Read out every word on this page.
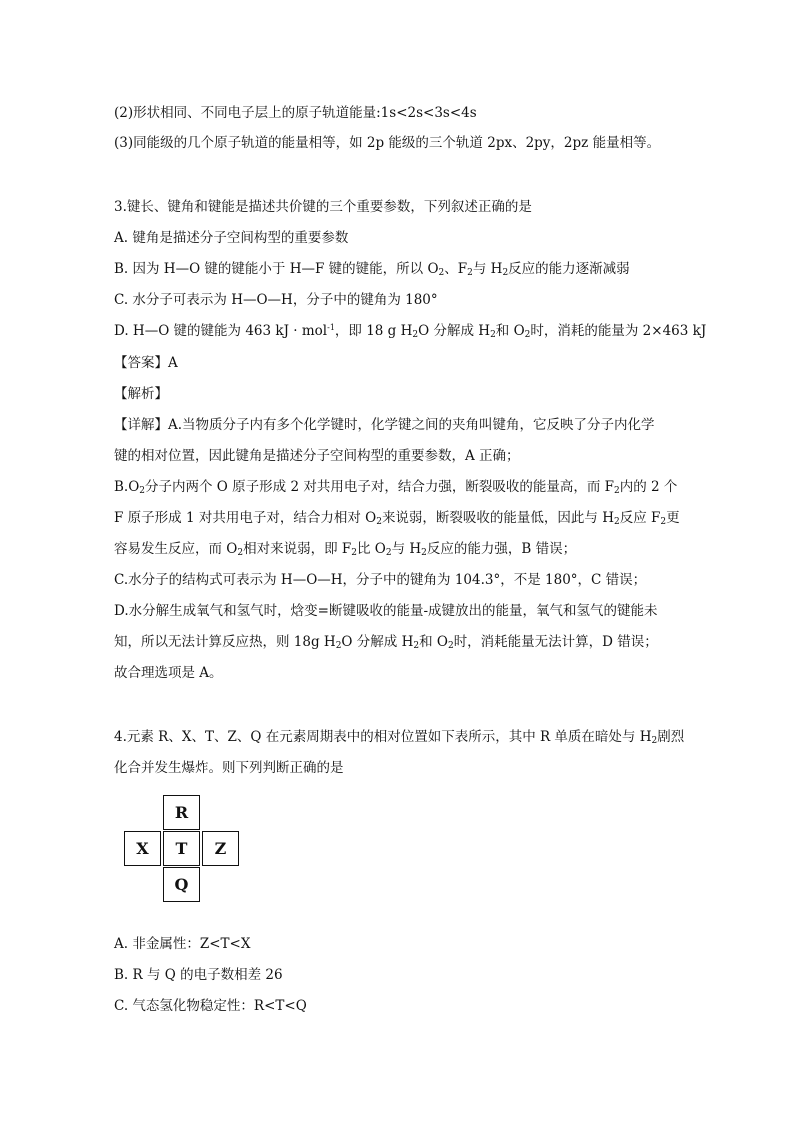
(2)形状相同、不同电子层上的原子轨道能量:1s<2s<3s<4s
(3)同能级的几个原子轨道的能量相等，如 2p 能级的三个轨道 2px、2py，2pz 能量相等。
3.键长、键角和键能是描述共价键的三个重要参数，下列叙述正确的是
A. 键角是描述分子空间构型的重要参数
B. 因为 H—O 键的键能小于 H—F 键的键能，所以 $O_2$、$F_2$与 $H_2$反应的能力逐渐减弱
C. 水分子可表示为 H—O—H，分子中的键角为 180°
D. H—O 键的键能为 463 kJ · mol$^{-1}$，即 18 g $H_2O$ 分解成 $H_2$和 $O_2$时，消耗的能量为 2×463 kJ
【答案】A
【解析】
【详解】A.当物质分子内有多个化学键时，化学键之间的夹角叫键角，它反映了分子内化学
键的相对位置，因此键角是描述分子空间构型的重要参数，A 正确；
$B.O_2$分子内两个 O 原子形成 2 对共用电子对，结合力强，断裂吸收的能量高，而 $F_2$内的 2 个
F 原子形成 1 对共用电子对，结合力相对 $O_2$来说弱，断裂吸收的能量低，因此与 $H_2$反应 $F_2$更
容易发生反应，而 $O_2$相对来说弱，即 $F_2$比 $O_2$与 $H_2$反应的能力强，B 错误；
C.水分子的结构式可表示为 H—O—H，分子中的键角为 104.3°，不是 180°，C 错误；
D.水分解生成氧气和氢气时，焓变=断键吸收的能量-成键放出的能量，氧气和氢气的键能未
知，所以无法计算反应热，则 18g $H_2O$ 分解成 $H_2$和 $O_2$时，消耗能量无法计算，D 错误；
故合理选项是 A。
4.元素 R、X、T、Z、Q 在元素周期表中的相对位置如下表所示，其中 R 单质在暗处与 $H_2$剧烈
化合并发生爆炸。则下列判断正确的是
R
X	T	Z
Q
A. 非金属性：Z<T<X
B. R 与 Q 的电子数相差 26
C. 气态氢化物稳定性：R<T<Q
